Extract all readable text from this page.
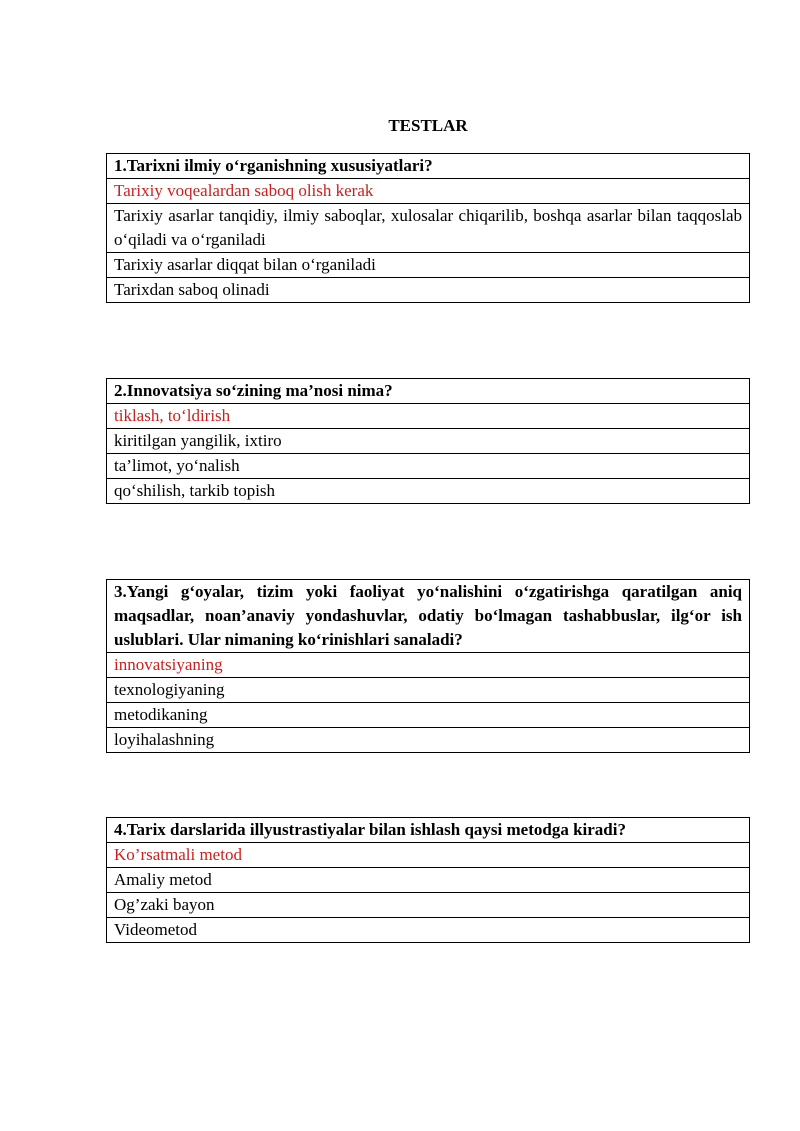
TESTLAR
1.Tarixni ilmiy o‘rganishning xususiyatlari?
Tarixiy voqealardan saboq olish kerak
Tarixiy asarlar tanqidiy, ilmiy saboqlar, xulosalar chiqarilib, boshqa asarlar bilan taqqoslab o‘qiladi va o‘rganiladi
Tarixiy asarlar diqqat bilan o‘rganiladi
Tarixdan saboq olinadi
2.Innovatsiya so‘zining ma’nosi nima?
tiklash, to‘ldirish
kiritilgan yangilik, ixtiro
ta’limot, yo‘nalish
qo‘shilish, tarkib topish
3.Yangi g‘oyalar, tizim yoki faoliyat yo‘nalishini o‘zgatirishga qaratilgan aniq maqsadlar, noan’anaviy yondashuvlar, odatiy bo‘lmagan tashabbuslar, ilg‘or ish uslublari. Ular nimaning ko‘rinishlari sanaladi?
innovatsiyaning
texnologiyaning
metodikaning
loyihalashning
4.Tarix darslarida illyustrastiyalar bilan ishlash qaysi metodga kiradi?
Ko’rsatmali metod
Amaliy metod
Og’zaki bayon
Videometod
